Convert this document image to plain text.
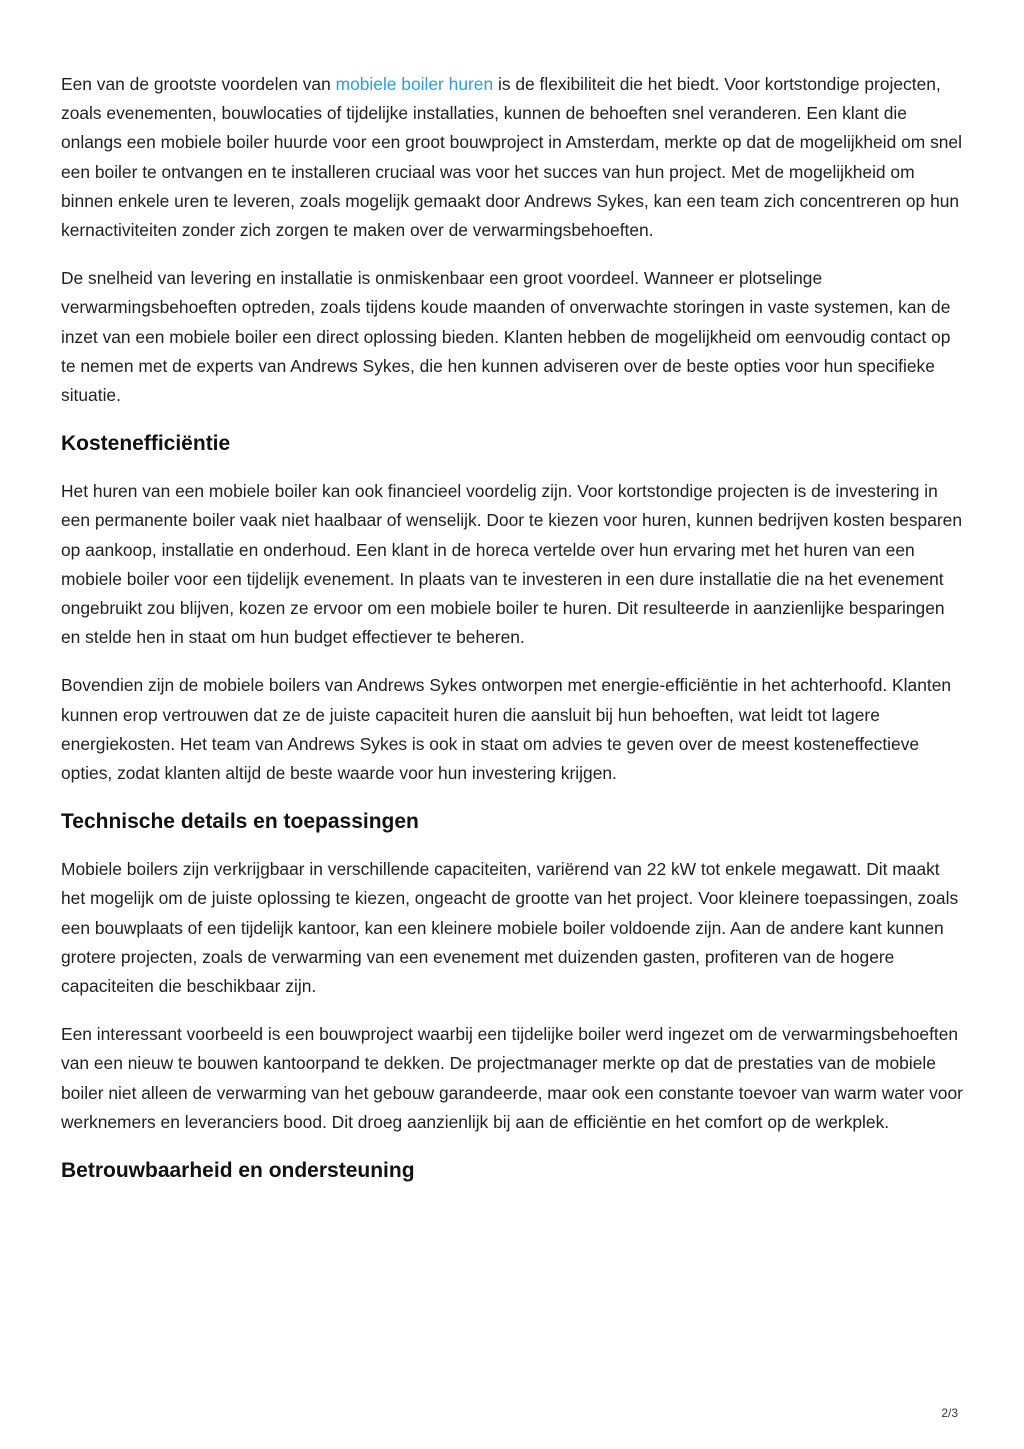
Een van de grootste voordelen van mobiele boiler huren is de flexibiliteit die het biedt. Voor kortstondige projecten, zoals evenementen, bouwlocaties of tijdelijke installaties, kunnen de behoeften snel veranderen. Een klant die onlangs een mobiele boiler huurde voor een groot bouwproject in Amsterdam, merkte op dat de mogelijkheid om snel een boiler te ontvangen en te installeren cruciaal was voor het succes van hun project. Met de mogelijkheid om binnen enkele uren te leveren, zoals mogelijk gemaakt door Andrews Sykes, kan een team zich concentreren op hun kernactiviteiten zonder zich zorgen te maken over de verwarmingsbehoeften.

De snelheid van levering en installatie is onmiskenbaar een groot voordeel. Wanneer er plotselinge verwarmingsbehoeften optreden, zoals tijdens koude maanden of onverwachte storingen in vaste systemen, kan de inzet van een mobiele boiler een direct oplossing bieden. Klanten hebben de mogelijkheid om eenvoudig contact op te nemen met de experts van Andrews Sykes, die hen kunnen adviseren over de beste opties voor hun specifieke situatie.

Kostenefficiëntie

Het huren van een mobiele boiler kan ook financieel voordelig zijn. Voor kortstondige projecten is de investering in een permanente boiler vaak niet haalbaar of wenselijk. Door te kiezen voor huren, kunnen bedrijven kosten besparen op aankoop, installatie en onderhoud. Een klant in de horeca vertelde over hun ervaring met het huren van een mobiele boiler voor een tijdelijk evenement. In plaats van te investeren in een dure installatie die na het evenement ongebruikt zou blijven, kozen ze ervoor om een mobiele boiler te huren. Dit resulteerde in aanzienlijke besparingen en stelde hen in staat om hun budget effectiever te beheren.

Bovendien zijn de mobiele boilers van Andrews Sykes ontworpen met energie-efficiëntie in het achterhoofd. Klanten kunnen erop vertrouwen dat ze de juiste capaciteit huren die aansluit bij hun behoeften, wat leidt tot lagere energiekosten. Het team van Andrews Sykes is ook in staat om advies te geven over de meest kosteneffectieve opties, zodat klanten altijd de beste waarde voor hun investering krijgen.

Technische details en toepassingen

Mobiele boilers zijn verkrijgbaar in verschillende capaciteiten, variërend van 22 kW tot enkele megawatt. Dit maakt het mogelijk om de juiste oplossing te kiezen, ongeacht de grootte van het project. Voor kleinere toepassingen, zoals een bouwplaats of een tijdelijk kantoor, kan een kleinere mobiele boiler voldoende zijn. Aan de andere kant kunnen grotere projecten, zoals de verwarming van een evenement met duizenden gasten, profiteren van de hogere capaciteiten die beschikbaar zijn.

Een interessant voorbeeld is een bouwproject waarbij een tijdelijke boiler werd ingezet om de verwarmingsbehoeften van een nieuw te bouwen kantoorpand te dekken. De projectmanager merkte op dat de prestaties van de mobiele boiler niet alleen de verwarming van het gebouw garandeerde, maar ook een constante toevoer van warm water voor werknemers en leveranciers bood. Dit droeg aanzienlijk bij aan de efficiëntie en het comfort op de werkplek.

Betrouwbaarheid en ondersteuning
2/3
